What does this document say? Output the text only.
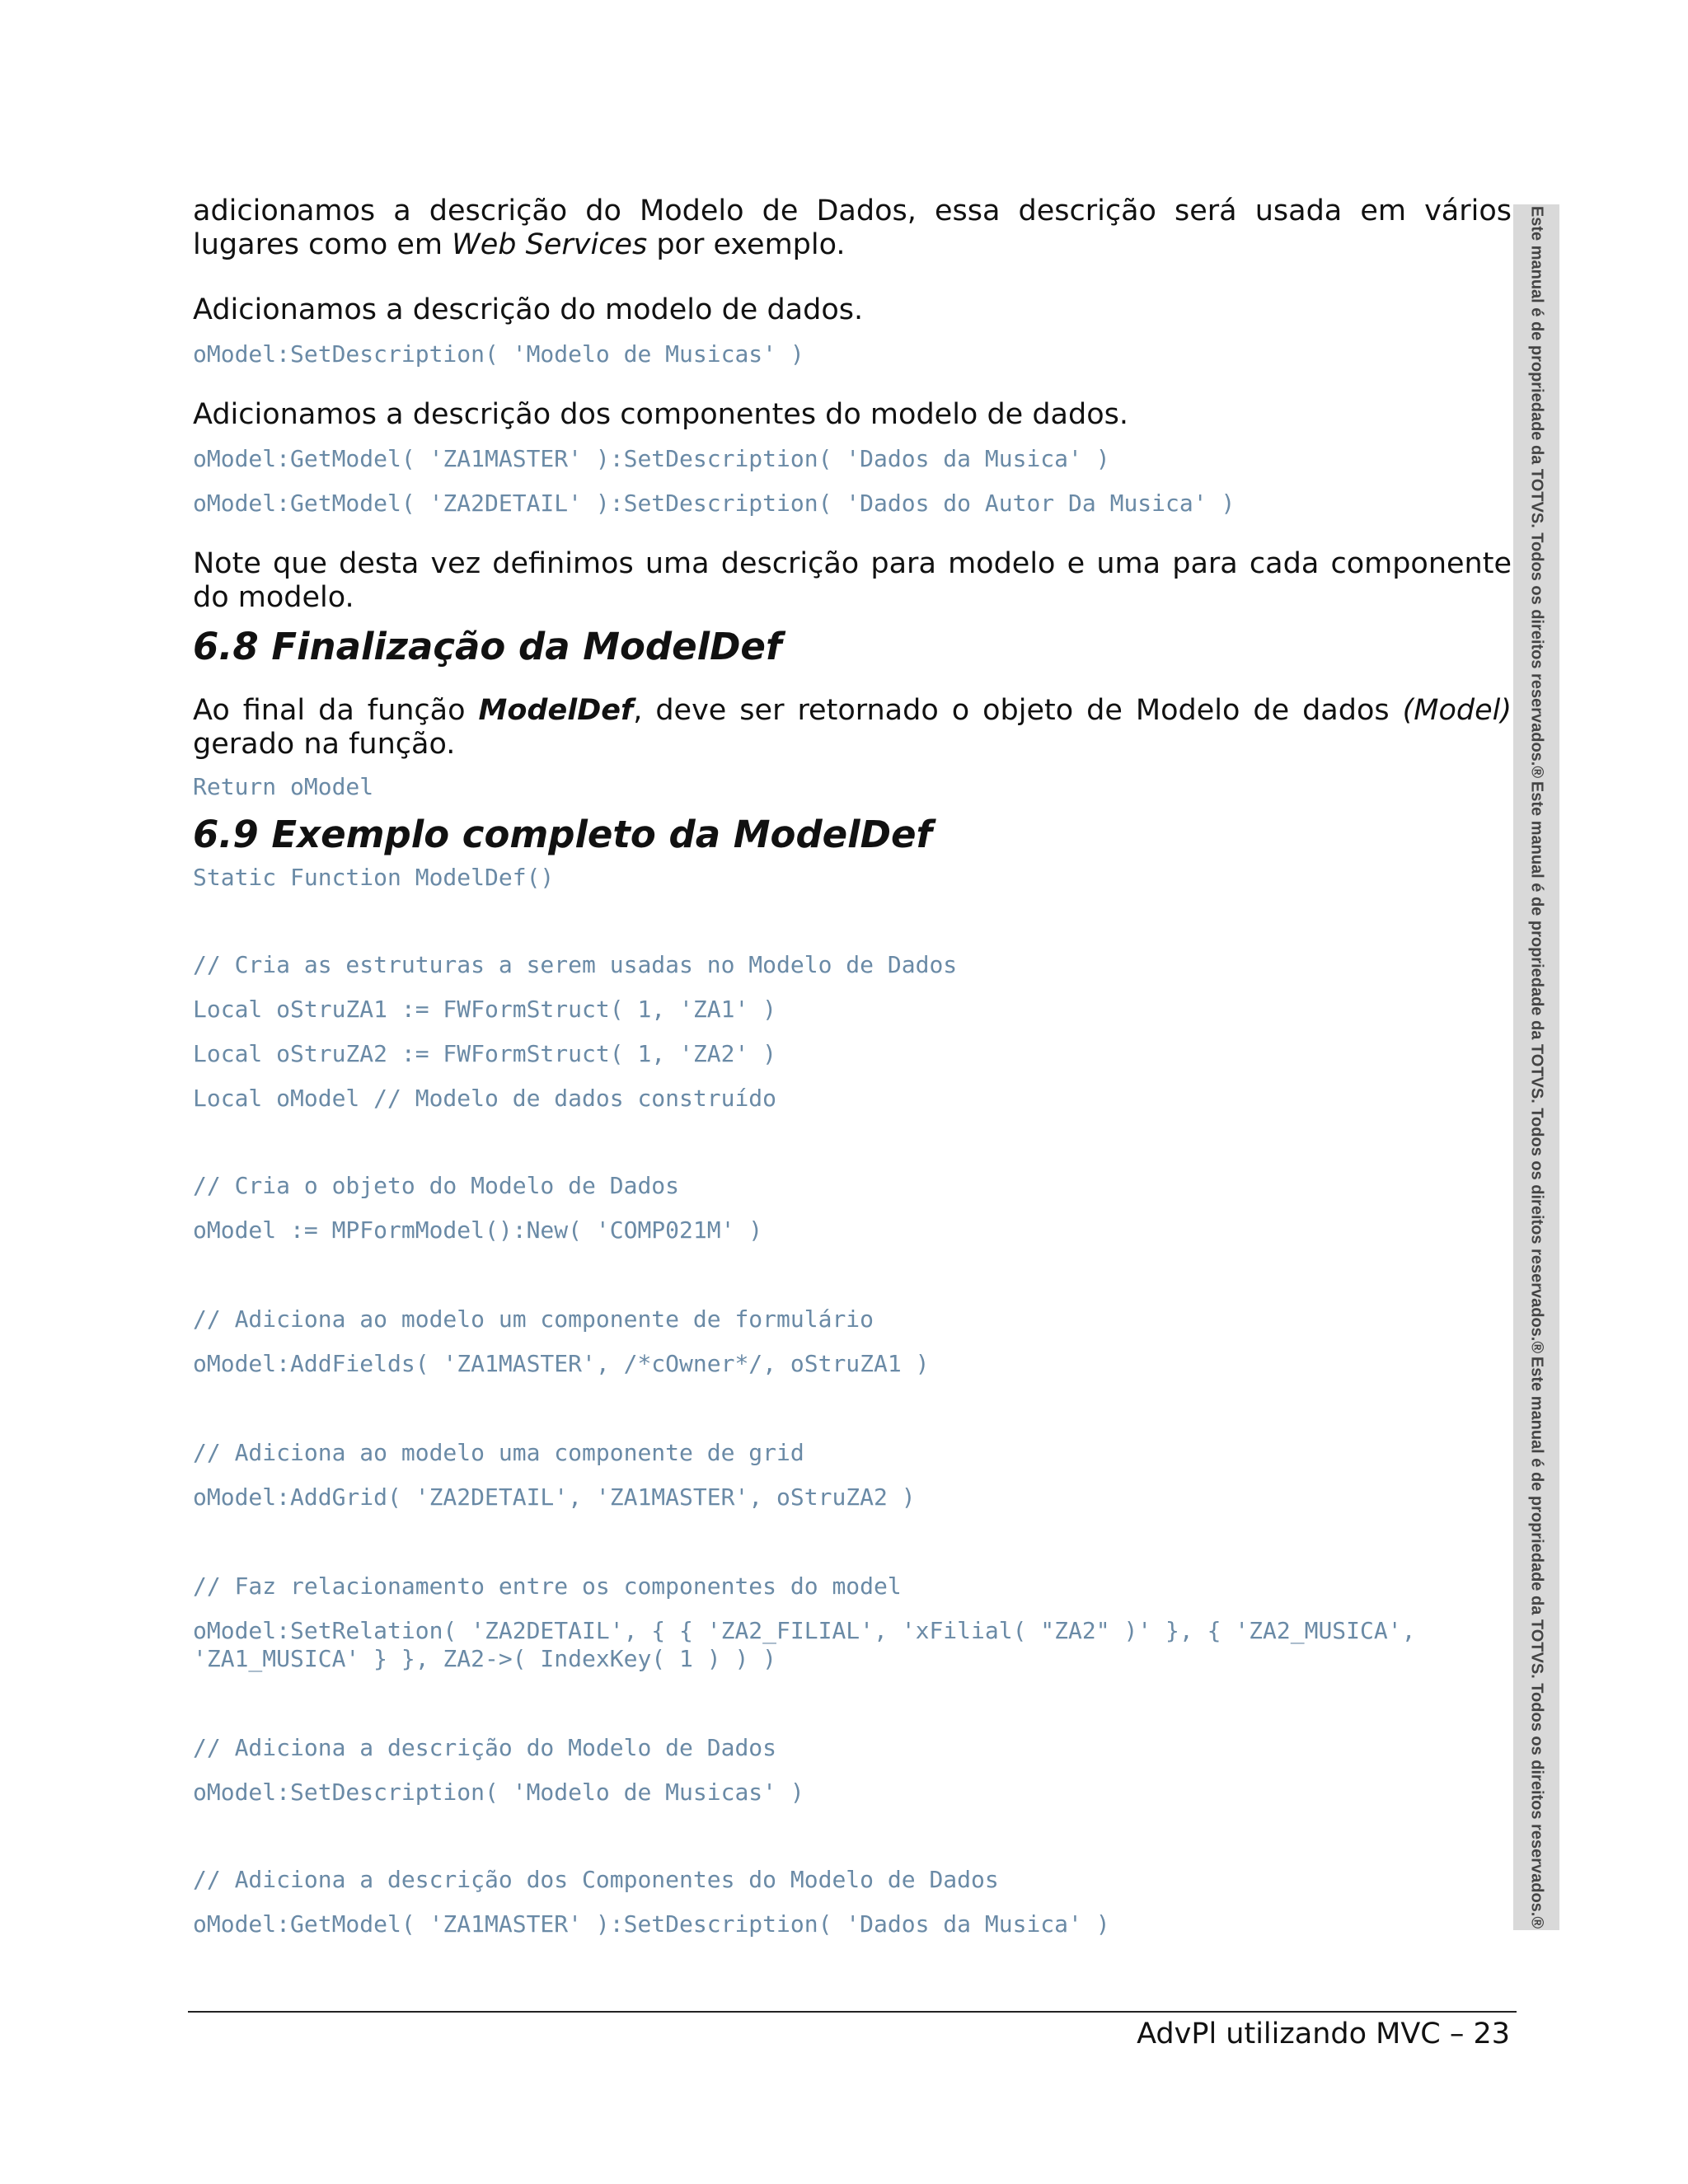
adicionamos a descrição do Modelo de Dados, essa descrição será usada em vários lugares como em Web Services por exemplo.

Adicionamos a descrição do modelo de dados.

oModel:SetDescription( 'Modelo de Musicas' )

Adicionamos a descrição dos componentes do modelo de dados.

oModel:GetModel( 'ZA1MASTER' ):SetDescription( 'Dados da Musica' )

oModel:GetModel( 'ZA2DETAIL' ):SetDescription( 'Dados do Autor Da Musica' )

Note que desta vez definimos uma descrição para modelo e uma para cada componente do modelo.

6.8 Finalização da ModelDef

Ao final da função ModelDef, deve ser retornado o objeto de Modelo de dados (Model) gerado na função.

Return oModel

6.9 Exemplo completo da ModelDef

Static Function ModelDef()

// Cria as estruturas a serem usadas no Modelo de Dados

Local oStruZA1 := FWFormStruct( 1, 'ZA1' )

Local oStruZA2 := FWFormStruct( 1, 'ZA2' )

Local oModel // Modelo de dados construído

// Cria o objeto do Modelo de Dados

oModel := MPFormModel():New( 'COMP021M' )

// Adiciona ao modelo um componente de formulário

oModel:AddFields( 'ZA1MASTER', /*cOwner*/, oStruZA1 )

// Adiciona ao modelo uma componente de grid

oModel:AddGrid( 'ZA2DETAIL', 'ZA1MASTER', oStruZA2 )

// Faz relacionamento entre os componentes do model

oModel:SetRelation( 'ZA2DETAIL', { { 'ZA2_FILIAL', 'xFilial( "ZA2" )' }, { 'ZA2_MUSICA', 'ZA1_MUSICA' } }, ZA2->( IndexKey( 1 ) ) )

// Adiciona a descrição do Modelo de Dados

oModel:SetDescription( 'Modelo de Musicas' )

// Adiciona a descrição dos Componentes do Modelo de Dados

oModel:GetModel( 'ZA1MASTER' ):SetDescription( 'Dados da Musica' )

Este manual é de propriedade da TOTVS. Todos os direitos reservados.®
Este manual é de propriedade da TOTVS. Todos os direitos reservados.®
Este manual é de propriedade da TOTVS. Todos os direitos reservados.®
AdvPl utilizando MVC – 23
